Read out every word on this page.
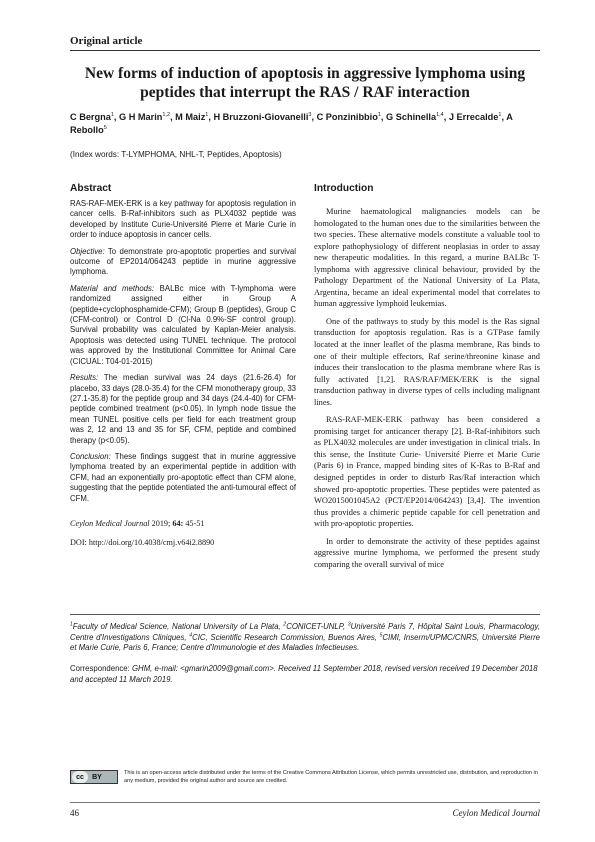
Original article
New forms of induction of apoptosis in aggressive lymphoma using peptides that interrupt the RAS / RAF interaction
C Bergna$^1$, G H Marin$^{1,2}$, M Maiz$^1$, H Bruzzoni-Giovanelli$^3$, C Ponzinibbio$^1$, G Schinella$^{1,4}$, J Errecalde$^1$, A Rebollo$^5$
(Index words: T-LYMPHOMA, NHL-T, Peptides, Apoptosis)
Abstract

RAS-RAF-MEK-ERK is a key pathway for apoptosis regulation in cancer cells. B-Raf-inhibitors such as PLX4032 peptide was developed by Institute Curie-Université Pierre et Marie Curie in order to induce apoptosis in cancer cells.

Objective: To demonstrate pro-apoptotic properties and survival outcome of EP2014/064243 peptide in murine aggressive lymphoma.

Material and methods: BALBc mice with T-lymphoma were randomized assigned either in Group A (peptide+cyclophosphamide-CFM); Group B (peptides), Group C (CFM-control) or Control D (Cl-Na 0.9%-SF control group). Survival probability was calculated by Kaplan-Meier analysis. Apoptosis was detected using TUNEL technique. The protocol was approved by the Institutional Committee for Animal Care (CICUAL: T04-01-2015)

Results: The median survival was 24 days (21.6-26.4) for placebo, 33 days (28.0-35.4) for the CFM monotherapy group, 33 (27.1-35.8) for the peptide group and 34 days (24.4-40) for CFM-peptide combined treatment (p<0.05). In lymph node tissue the mean TUNEL positive cells per field for each treatment group was 2, 12 and 13 and 35 for SF, CFM, peptide and combined therapy (p<0.05).

Conclusion: These findings suggest that in murine aggressive lymphoma treated by an experimental peptide in addition with CFM, had an exponentially pro-apoptotic effect than CFM alone, suggesting that the peptide potentiated the anti-tumoural effect of CFM.

Ceylon Medical Journal 2019; 64: 45-51
DOI: http://doi.org/10.4038/cmj.v64i2.8890
Introduction

Murine haematological malignancies models can be homologated to the human ones due to the similarities between the two species. These alternative models constitute a valuable tool to explore pathophysiology of different neoplasias in order to assay new therapeutic modalities. In this regard, a murine BALBc T-lymphoma with aggressive clinical behaviour, provided by the Pathology Department of the National University of La Plata, Argentina, became an ideal experimental model that correlates to human aggressive lymphoid leukemias.

One of the pathways to study by this model is the Ras signal transduction for apoptosis regulation. Ras is a GTPase family located at the inner leaflet of the plasma membrane, Ras binds to one of their multiple effectors, Raf serine/threonine kinase and induces their translocation to the plasma membrane where Ras is fully activated [1,2]. RAS/RAF/MEK/ERK is the signal transduction pathway in diverse types of cells including malignant lines.

RAS-RAF-MEK-ERK pathway has been considered a promising target for anticancer therapy [2]. B-Raf-inhibitors such as PLX4032 molecules are under investigation in clinical trials. In this sense, the Institute Curie- Université Pierre et Marie Curie (Paris 6) in France, mapped binding sites of K-Ras to B-Raf and designed peptides in order to disturb Ras/Raf interaction which showed pro-apoptotic properties. These peptides were patented as WO2015001045A2 (PCT/EP2014/064243) [3,4]. The invention thus provides a chimeric peptide capable for cell penetration and with pro-apoptotic properties.

In order to demonstrate the activity of these peptides against aggressive murine lymphoma, we performed the present study comparing the overall survival of mice

$^1$Faculty of Medical Science, National University of La Plata, $^2$CONICET-UNLP, $^3$Université Paris 7, Hôpital Saint Louis, Pharmacology, Centre d'Investigations Cliniques, $^4$CIC, Scientific Research Commission, Buenos Aires, $^5$CIMI, Inserm/UPMC/CNRS, Université Pierre et Marie Curie, Paris 6, France; Centre d'Immunologie et des Maladies Infectieuses.
Correspondence: GHM, e-mail: <gmarin2009@gmail.com>. Received 11 September 2018, revised version received 19 December 2018 and accepted 11 March 2019.
cc	BY
This is an open-access article distributed under the terms of the Creative Commons Attribution License, which permits unrestricted use, distribution, and reproduction in any medium, provided the original author and source are credited.
46	Ceylon Medical Journal
